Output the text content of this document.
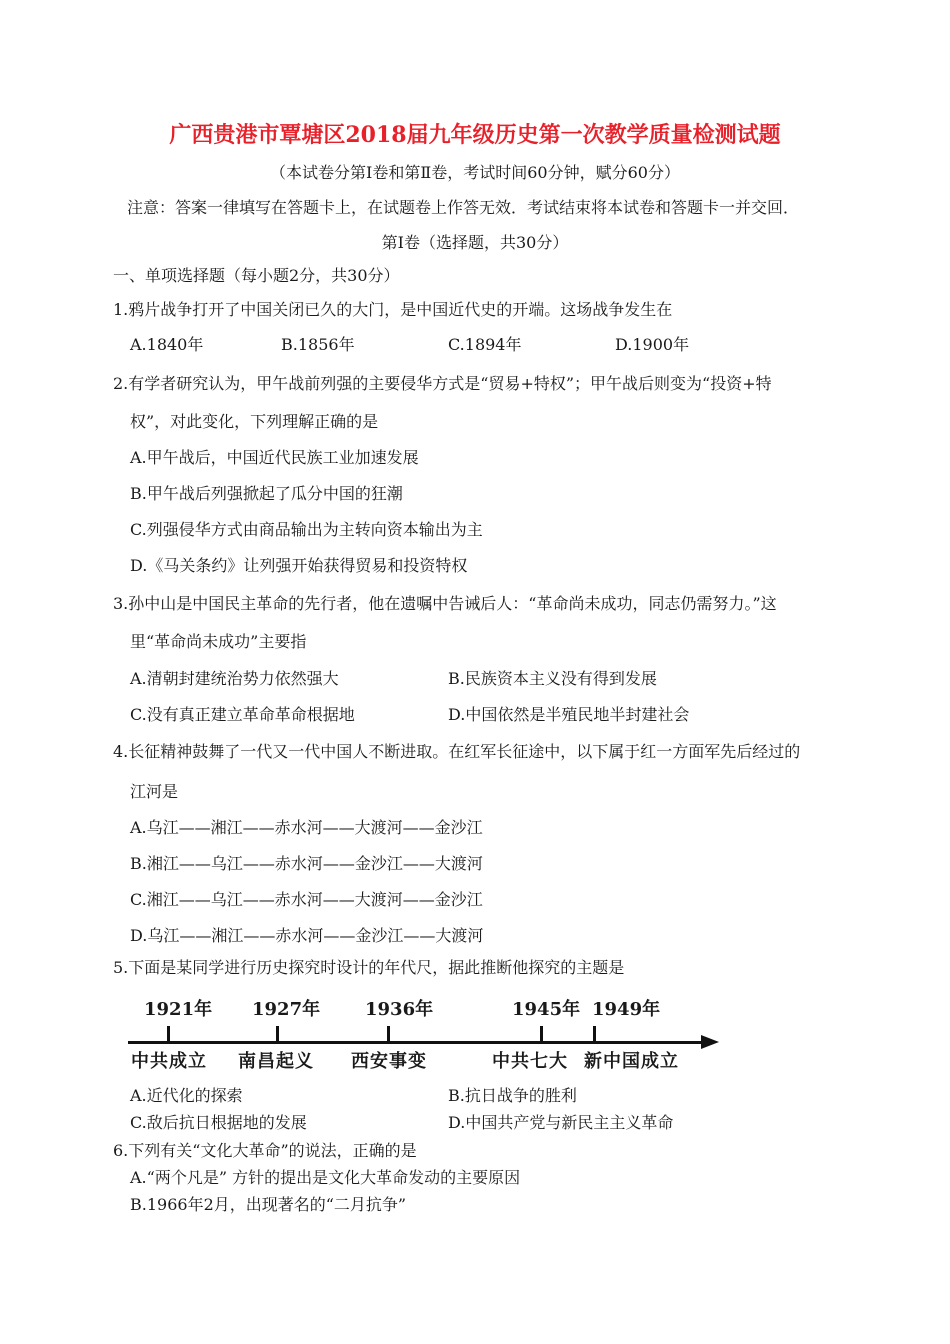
广西贵港市覃塘区2018届九年级历史第一次教学质量检测试题
（本试卷分第Ⅰ卷和第Ⅱ卷，考试时间60分钟，赋分60分）
注意：答案一律填写在答题卡上，在试题卷上作答无效．考试结束将本试卷和答题卡一并交回．
第Ⅰ卷（选择题，共30分）
一、单项选择题（每小题2分，共30分）
1.鸦片战争打开了中国关闭已久的大门，是中国近代史的开端。这场战争发生在
A.1840年	B.1856年	C.1894年	D.1900年
2.有学者研究认为，甲午战前列强的主要侵华方式是“贸易+特权”；甲午战后则变为“投资+特
权”，对此变化，下列理解正确的是
A.甲午战后，中国近代民族工业加速发展
B.甲午战后列强掀起了瓜分中国的狂潮
C.列强侵华方式由商品输出为主转向资本输出为主
D.《马关条约》让列强开始获得贸易和投资特权
3.孙中山是中国民主革命的先行者，他在遗嘱中告诫后人：“革命尚未成功，同志仍需努力。”这
里“革命尚未成功”主要指
A.清朝封建统治势力依然强大	B.民族资本主义没有得到发展
C.没有真正建立革命革命根据地	D.中国依然是半殖民地半封建社会
4.长征精神鼓舞了一代又一代中国人不断进取。在红军长征途中，以下属于红一方面军先后经过的
江河是
A.乌江——湘江——赤水河——大渡河——金沙江
B.湘江——乌江——赤水河——金沙江——大渡河
C.湘江——乌江——赤水河——大渡河——金沙江
D.乌江——湘江——赤水河——金沙江——大渡河
5.下面是某同学进行历史探究时设计的年代尺，据此推断他探究的主题是
1921年 1927年 1936年	1945年 1949年
中共成立 南昌起义 西安事变	中共七大 新中国成立
A.近代化的探索	B.抗日战争的胜利
C.敌后抗日根据地的发展	D.中国共产党与新民主主义革命
6.下列有关“文化大革命”的说法，正确的是
A.“两个凡是” 方针的提出是文化大革命发动的主要原因
B.1966年2月，出现著名的“二月抗争”
